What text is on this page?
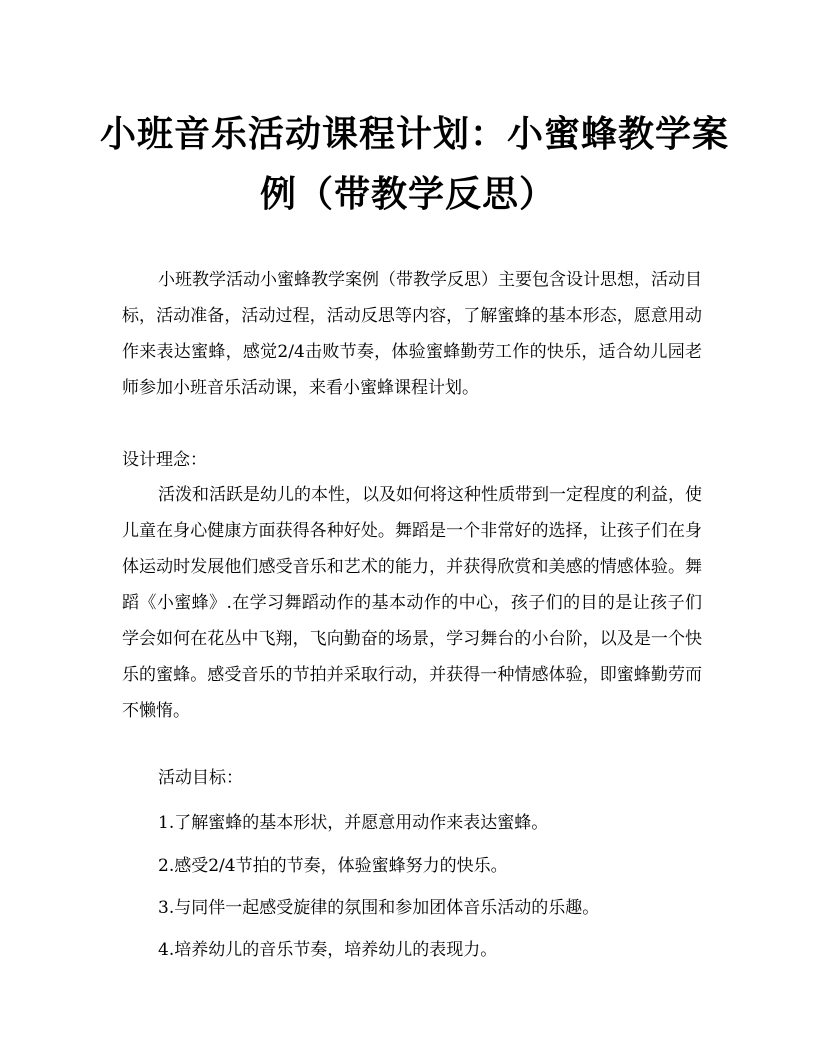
小班音乐活动课程计划：小蜜蜂教学案
例（带教学反思）
小班教学活动小蜜蜂教学案例（带教学反思）主要包含设计思想，活动目标，活动准备，活动过程，活动反思等内容，了解蜜蜂的基本形态，愿意用动作来表达蜜蜂，感觉2/4击败节奏，体验蜜蜂勤劳工作的快乐，适合幼儿园老师参加小班音乐活动课，来看小蜜蜂课程计划。
设计理念：
活泼和活跃是幼儿的本性，以及如何将这种性质带到一定程度的利益，使儿童在身心健康方面获得各种好处。舞蹈是一个非常好的选择，让孩子们在身体运动时发展他们感受音乐和艺术的能力，并获得欣赏和美感的情感体验。舞蹈《小蜜蜂》.在学习舞蹈动作的基本动作的中心，孩子们的目的是让孩子们学会如何在花丛中飞翔，飞向勤奋的场景，学习舞台的小台阶，以及是一个快乐的蜜蜂。感受音乐的节拍并采取行动，并获得一种情感体验，即蜜蜂勤劳而不懒惰。
活动目标：
1.了解蜜蜂的基本形状，并愿意用动作来表达蜜蜂。
2.感受2/4节拍的节奏，体验蜜蜂努力的快乐。
3.与同伴一起感受旋律的氛围和参加团体音乐活动的乐趣。
4.培养幼儿的音乐节奏，培养幼儿的表现力。
